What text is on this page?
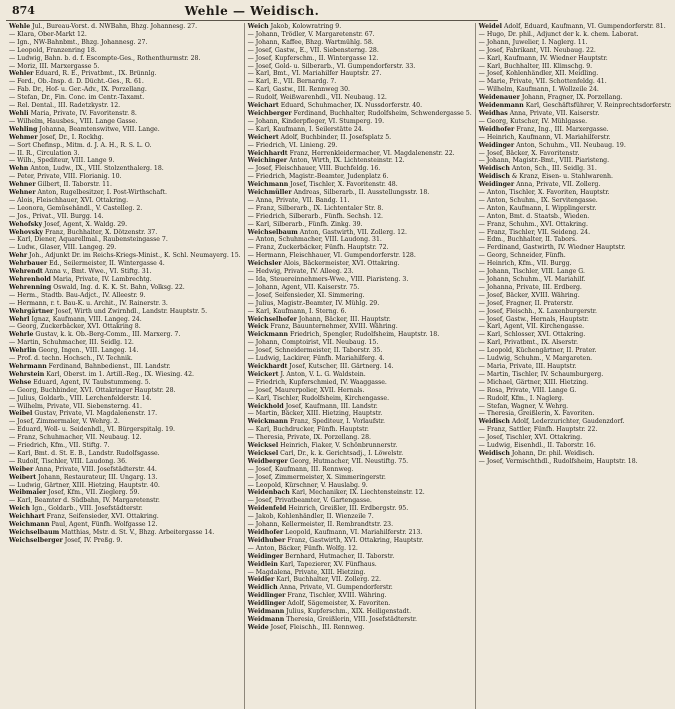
874	Wehle — Weidisch.

Wehle Jul., Bureau-Vorst. d. NWBahn, Bhzg. Johannesg. 27.

— Klara, Ober-Markt 12.

— Ign., NW-Bahnbmt., Bhzg. Johannesg. 27.

— Leopold, Franzenring 18.

— Ludwig, Bahn. b. d. f. Escompte-Ges., Rothenthurmstr. 28.

— Moriz, III. Marxergasse 5.

Wehler Eduard, R. E., Privatbmt., IX. Brünnlg.

— Ferd., Ob.-Insp. d. D. Dücht.-Ges., R. 61.

— Fab. Dr., Hof- u. Ger.-Adv., IX. Porzellang.

— Stefan, Dr., Fin. Conc. im Centr.-Taxamt.

— Rel. Dental., III. Radetzkystr. 12.

Wehli Maria, Private, IV. Favoritenstr. 8.

— Wilhelm, Hausbes., VIII. Lange Gasse.

Wehling Johanna, Beamtenswitwe, VIII. Lange.

Wehmer Josef, Dr., I. Rockhg.

— Sort Chefinsp., Mitm. d. J. A. H., R. S. L. O.

— II. R., Circulation 3.

— Wilh., Spediteur, VIII. Lange 9.

Wehn Anton, Ludw., IX., VIII. Stolzenthalerg. 18.

— Peter, Private, VIII. Florianig. 10.

Wehner Gilbert, II. Taborstr. 11.

Wehner Anton, Rugelbesitzer, I. Post-Wirthschaft.

— Alois, Fleischhauer, XVI. Ottakring.

— Leonora, Gemüsehändl., V. Castelleg. 2.

— Jos., Privat., VII. Burgg. 14.

Wehofsky Josef, Agent, X. Waldg. 29.

Wehovsky Franz, Buchhalter, X. Dötzenstr. 37.

— Karl, Diener, Aquarellmal., Raubensteingasse 7.

— Ludw., Glaser, VIII. Langeg. 29.

Wehr Joh., Adjunkt Dr. im Reichs-Kriegs-Minist., K. Schl. Neumayerg. 15.

Wehrbauer Ed., Seilermeister, II. Wintergasse 4.

Wehrendt Anna v., Bmt. Wwe., VI. Stiftg. 31.

Wehrenhold Maria, Private, IV. Lambrechtg.

Wehrenning Oswald, Ing. d. K. K. St. Bahn, Volksg. 22.

— Herm., Stadtb. Bau-Adjct., IV. Alleestr. 9.

— Hermann, r. t. Bau-K. u. Archit., IV. Rainerstr. 3.

Wehrgärtner Josef, Wirth und Zwirnhdl., Landstr. Hauptstr. 5.

Wehrl Ignaz, Kaufmann, VIII. Langeg. 24.

— Georg, Zuckerbäcker, XVI. Ottakring 8.

Wehrle Gustav, k. k. Ob.-Berg-Comm., III. Marxerg. 7.

— Martin, Schuhmacher, III. Seidlg. 12.

Wehrlin Georg, Ingen., VIII. Langeg. 14.

— Prof. d. techn. Hochsch., IV. Technik.

Wehrmann Ferdinand, Bahnbedienst., III. Landstr.

Wehrstein Karl, Oberst. im 1. Artill.-Reg., IX. Wiesing. 42.

Wehse Eduard, Agent, IV. Taubstummeng. 5.

— Georg, Buchbinder, XVI. Ottakringer Hauptstr. 28.

— Julius, Goldarb., VIII. Lerchenfelderstr. 14.

— Wilhelm, Private, VII. Siebensterng. 41.

Weibel Gustav, Private, VI. Magdalenenstr. 17.

— Josef, Zimmermaler, V. Wehrg. 2.

— Eduard, Woll- u. Seidenhdl., VI. Bürgerspitalg. 19.

— Franz, Schuhmacher, VII. Neubaug. 12.

— Friedrich, Kfm., VII. Stiftg. 7.

— Karl, Bmt. d. St. E. B., Landstr. Rudolfsgasse.

— Rudolf, Tischler, VIII. Laudong. 36.

Weiber Anna, Private, VIII. Josefstädterstr. 44.

Weibert Johann, Restaurateur, III. Ungarg. 13.

— Ludwig, Gärtner, XIII. Hietzing, Hauptstr. 40.

Weibmaier Josef, Kfm., VII. Zieglerg. 59.

— Karl, Beamter d. Südbahn, IV. Margaretenstr.

Weich Ign., Goldarb., VIII. Josefstädterstr.

Weichhart Franz, Seifensieder, XVI. Ottakring.

Weichmann Paul, Agent, Fünfh. Wolfgasse 12.

Weichselbaum Matthias, Mstr. d. St. V., Bhzg. Arbeitergasse 14.

Weichselberger Josef, IV. Preßg. 9.

Weich Jakob, Kolowratring 9.

— Johann, Trödler, V. Margaretenstr. 67.

— Johann, Kaffee, Bhzg. Wartmühlg. 58.

— Josef, Gastw., E., VII. Siebensterng. 28.

— Josef, Kupferschm., II. Wintergasse 12.

— Josef, Gold- u. Silberarb., VI. Gumpendorferstr. 33.

— Karl, Bmt., VI. Mariahilfer Hauptstr. 27.

— Karl, E., VII. Bernardg. 7.

— Karl, Gastw., III. Rennweg 30.

— Rudolf, Weißwarenhdl., VII. Neubaug. 12.

Weichart Eduard, Schuhmacher, IX. Nussdorferstr. 40.

Weichberger Ferdinand, Buchhalter, Rudolfsheim, Schwendergasse 5.

— Johann, Kinderpfleger, VI. Stumperg. 19.

— Karl, Kaufmann, I. Seilerstätte 24.

Weichert Adolf, Buchbinder, II. Josefsplatz 5.

— Friedrich, VI. Linieng. 29.

Weichhardt Franz, Herrenkleidermacher, VI. Magdalenenstr. 22.

Weichinger Anton, Wirth, IX. Lichtensteinstr. 12.

— Josef, Fleischhauer, VIII. Buchfeldg. 16.

— Friedrich, Magistr.-Beamter, Judenplatz 6.

Weichmann Josef, Tischler, X. Favoritenstr. 48.

Weichmüller Andreas, Silberarb., II. Ausstellungsstr. 18.

— Anna, Private, VII. Bandg. 11.

— Franz, Silberarb., IX. Lichtentaler Str. 8.

— Friedrich, Silberarb., Fünfh. Sechsh. 12.

— Karl, Silberarb., Fünfh. Zinkg. 39.

Weichselbaum Anton, Gastwirth, VII. Zollerg. 12.

— Anton, Schuhmacher, VIII. Laudong. 31.

— Franz, Zuckerbäcker, Fünfh. Hauptstr. 72.

— Hermann, Fleischhauer, VI. Gumpendorferstr. 128.

Weichsler Alois, Bäckermeister, XVI. Ottakring.

— Hedwig, Private, IV. Alleeg. 23.

— Ida, Steuereinnehmers-Wwe., VIII. Piaristeng. 3.

— Johann, Agent, VII. Kaiserstr. 75.

— Josef, Seifensieder, XI. Simmering.

— Julius, Magistr.-Beamter, IV. Mühlg. 29.

— Karl, Kaufmann, I. Sterng. 6.

Weichselhofer Johann, Bäcker, III. Hauptstr.

Weick Franz, Bauunternehmer, XVIII. Währing.

Weickmann Friedrich, Spengler, Rudolfsheim, Hauptstr. 18.

— Johann, Comptoirist, VII. Neubaug. 15.

— Josef, Schneidermeister, II. Taborstr. 35.

— Ludwig, Lackirer, Fünfh. Mariahilferg. 4.

Weickhardt Josef, Kutscher, III. Gärtnerg. 14.

Weickert J. Anton, V. L. G. Waldstein.

— Friedrich, Kupferschmied, IV. Waaggasse.

— Josef, Maurerpolier, XVII. Hernals.

— Karl, Tischler, Rudolfsheim, Kirchengasse.

Weickhold Josef, Kaufmann, III. Landstr.

— Martin, Bäcker, XIII. Hietzing, Hauptstr.

Weickmann Franz, Spediteur, I. Vorlaufstr.

— Karl, Buchdrucker, Fünfh. Hauptstr.

— Theresia, Private, IX. Porzellang. 28.

Weicksel Heinrich, Fiaker, V. Schönbrunnerstr.

Weicksel Carl, Dr., k. k. Gerichtsadj., I. Löwelstr.

Weidberger Georg, Hutmacher, VII. Neustiftg. 75.

— Josef, Kaufmann, III. Rennweg.

— Josef, Zimmermeister, X. Simmeringerstr.

— Leopold, Kürschner, V. Hauslabg. 9.

Weidenbach Karl, Mechaniker, IX. Liechtensteinstr. 12.

— Josef, Privatbeamter, V. Gartengasse.

Weidenfeld Heinrich, Greißler, III. Erdbergstr. 95.

— Jakob, Kohlenhändler, II. Wienzeile 7.

— Johann, Kellermeister, II. Rembrandtstr. 23.

Weidhofer Leopold, Kaufmann, VI. Mariahilferstr. 213.

Weidhuber Franz, Gastwirth, XVI. Ottakring, Hauptstr.

— Anton, Bäcker, Fünfh. Wolfg. 12.

Weidinger Bernhard, Hutmacher, II. Taborstr.

Weidlein Karl, Tapezierer, XV. Fünfhaus.

— Magdalena, Private, XIII. Hietzing.

Weidler Karl, Buchhalter, VII. Zollerg. 22.

Weidlich Anna, Private, VI. Gumpendorferstr.

Weidlinger Franz, Tischler, XVIII. Währing.

Weidlinger Adolf, Sägemeister, X. Favoriten.

Weidmann Julius, Kupferschm., XIX. Heiligenstadt.

Weidmann Theresia, Greißlerin, VIII. Josefstädterstr.

Weide Josef, Fleischh., III. Rennweg.

Weidel Adolf, Eduard, Kaufmann, VI. Gumpendorferstr. 81.

— Hugo, Dr. phil., Adjunct der k. k. chem. Laborat.

— Johann, Juwelier, I. Naglerg. 11.

— Josef, Fabrikant, VII. Neubaug. 22.

— Karl, Kaufmann, IV. Wiedner Hauptstr.

— Karl, Buchhalter, III. Klimschg. 9.

— Josef, Kohlenhändler, XII. Meidling.

— Marie, Private, VII. Schottenfeldg. 41.

— Wilhelm, Kaufmann, I. Wollzeile 24.

Weidenauer Johann, Fragner, IX. Porzellang.

Weidenmann Karl, Geschäftsführer, V. Reinprechtsdorferstr.

Weidhas Anna, Private, VII. Kaiserstr.

— Georg, Kutscher, IV. Mühlgasse.

Weidhofer Franz, Ing., III. Marxergasse.

— Heinrich, Kaufmann, VI. Mariahilferstr.

Weidinger Anton, Schuhm., VII. Neubaug. 19.

— Josef, Bäcker, X. Favoritenstr.

— Johann, Magistr.-Bmt., VIII. Piaristeng.

Weidisch Anton, Sch., III. Seidlg. 31.

Weidisch & Kranz, Eisen- u. Stahlwarenh.

Weidinger Anna, Private, VII. Zollerg.

— Anton, Tischler, X. Favoriten, Hauptstr.

— Anton, Schuhm., IX. Servitengasse.

— Anton, Kaufmann, I. Wipplingerstr.

— Anton, Bmt. d. Staatsb., Wieden.

— Franz, Schuhm., XVI. Ottakring.

— Franz, Tischler, VII. Seideng. 24.

— Edm., Buchhalter, II. Tabors.

— Ferdinand, Gastwirth, IV. Wiedner Hauptstr.

— Georg, Schneider, Fünfh.

— Heinrich, Kfm., VII. Burgg.

— Johann, Tischler, VIII. Lange G.

— Johann, Schuhm., VI. Mariahilf.

— Johanna, Private, III. Erdberg.

— Josef, Bäcker, XVIII. Währing.

— Josef, Fragner, II. Praterstr.

— Josef, Fleischh., X. Laxenburgerstr.

— Josef, Gastw., Hernals, Hauptstr.

— Karl, Agent, VII. Kirchengasse.

— Karl, Schlosser, XVI. Ottakring.

— Karl, Privatbmt., IX. Alserstr.

— Leopold, Küchengärtner, II. Prater.

— Ludwig, Schuhm., V. Margareten.

— Maria, Private, III. Hauptstr.

— Martin, Tischler, IV. Schaumburgerg.

— Michael, Gärtner, XIII. Hietzing.

— Rosa, Private, VIII. Lange G.

— Rudolf, Kfm., I. Naglerg.

— Stefan, Wagner, V. Wehrg.

— Theresia, Greißlerin, X. Favoriten.

Weidisch Adolf, Lederzurichter, Gaudenzdorf.

— Franz, Sattler, Fünfh. Hauptstr. 22.

— Josef, Tischler, XVI. Ottakring.

— Ludwig, Eisenhdl., II. Taborstr. 16.

Weidisch Johann, Dr. phil. Weidisch.

— Josef, Vermischthdl., Rudolfsheim, Hauptstr. 18.
